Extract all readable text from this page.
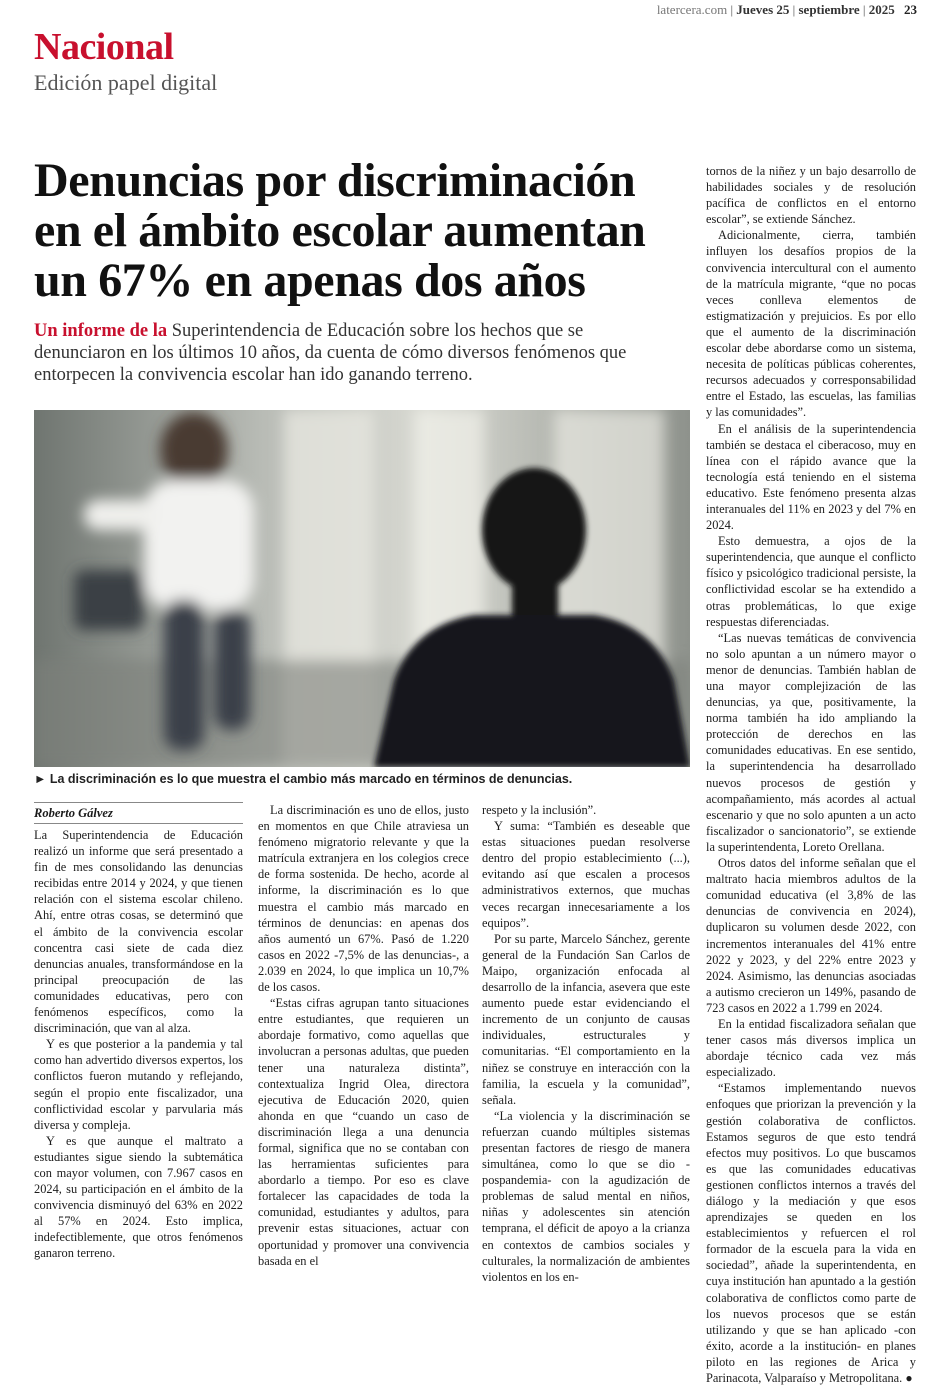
latercera.com | Jueves 25 | septiembre | 2025 23
Nacional
Edición papel digital
Denuncias por discriminación en el ámbito escolar aumentan un 67% en apenas dos años
Un informe de la Superintendencia de Educación sobre los hechos que se denunciaron en los últimos 10 años, da cuenta de cómo diversos fenómenos que entorpecen la convivencia escolar han ido ganando terreno.
► La discriminación es lo que muestra el cambio más marcado en términos de denuncias.
Roberto Gálvez

La Superintendencia de Educación realizó un informe que será presentado a fin de mes consolidando las denuncias recibidas entre 2014 y 2024, y que tienen relación con el sistema escolar chileno. Ahí, entre otras cosas, se determinó que el ámbito de la convivencia escolar concentra casi siete de cada diez denuncias anuales, transformándose en la principal preocupación de las comunidades educativas, pero con fenómenos específicos, como la discriminación, que van al alza.

Y es que posterior a la pandemia y tal como han advertido diversos expertos, los conflictos fueron mutando y reflejando, según el propio ente fiscalizador, una conflictividad escolar y parvularia más diversa y compleja.

Y es que aunque el maltrato a estudiantes sigue siendo la subtemática con mayor volumen, con 7.967 casos en 2024, su participación en el ámbito de la convivencia disminuyó del 63% en 2022 al 57% en 2024. Esto implica, indefectiblemente, que otros fenómenos ganaron terreno.

La discriminación es uno de ellos, justo en momentos en que Chile atraviesa un fenómeno migratorio relevante y que la matrícula extranjera en los colegios crece de forma sostenida. De hecho, acorde al informe, la discriminación es lo que muestra el cambio más marcado en términos de denuncias: en apenas dos años aumentó un 67%. Pasó de 1.220 casos en 2022 -7,5% de las denuncias-, a 2.039 en 2024, lo que implica un 10,7% de los casos.

“Estas cifras agrupan tanto situaciones entre estudiantes, que requieren un abordaje formativo, como aquellas que involucran a personas adultas, que pueden tener una naturaleza distinta”, contextualiza Ingrid Olea, directora ejecutiva de Educación 2020, quien ahonda en que “cuando un caso de discriminación llega a una denuncia formal, significa que no se contaban con las herramientas suficientes para abordarlo a tiempo. Por eso es clave fortalecer las capacidades de toda la comunidad, estudiantes y adultos, para prevenir estas situaciones, actuar con oportunidad y promover una convivencia basada en el

respeto y la inclusión”.

Y suma: “También es deseable que estas situaciones puedan resolverse dentro del propio establecimiento (...), evitando así que escalen a procesos administrativos externos, que muchas veces recargan innecesariamente a los equipos”.

Por su parte, Marcelo Sánchez, gerente general de la Fundación San Carlos de Maipo, organización enfocada al desarrollo de la infancia, asevera que este aumento puede estar evidenciando el incremento de un conjunto de causas individuales, estructurales y comunitarias. “El comportamiento en la niñez se construye en interacción con la familia, la escuela y la comunidad”, señala.

“La violencia y la discriminación se refuerzan cuando múltiples sistemas presentan factores de riesgo de manera simultánea, como lo que se dio -pospandemia- con la agudización de problemas de salud mental en niños, niñas y adolescentes sin atención temprana, el déficit de apoyo a la crianza en contextos de cambios sociales y culturales, la normalización de ambientes violentos en los en-

tornos de la niñez y un bajo desarrollo de habilidades sociales y de resolución pacífica de conflictos en el entorno escolar”, se extiende Sánchez.

Adicionalmente, cierra, también influyen los desafíos propios de la convivencia intercultural con el aumento de la matrícula migrante, “que no pocas veces conlleva elementos de estigmatización y prejuicios. Es por ello que el aumento de la discriminación escolar debe abordarse como un sistema, necesita de políticas públicas coherentes, recursos adecuados y corresponsabilidad entre el Estado, las escuelas, las familias y las comunidades”.

En el análisis de la superintendencia también se destaca el ciberacoso, muy en línea con el rápido avance que la tecnología está teniendo en el sistema educativo. Este fenómeno presenta alzas interanuales del 11% en 2023 y del 7% en 2024.

Esto demuestra, a ojos de la superintendencia, que aunque el conflicto físico y psicológico tradicional persiste, la conflictividad escolar se ha extendido a otras problemáticas, lo que exige respuestas diferenciadas.

“Las nuevas temáticas de convivencia no solo apuntan a un número mayor o menor de denuncias. También hablan de una mayor complejización de las denuncias, ya que, positivamente, la norma también ha ido ampliando la protección de derechos en las comunidades educativas. En ese sentido, la superintendencia ha desarrollado nuevos procesos de gestión y acompañamiento, más acordes al actual escenario y que no solo apunten a un acto fiscalizador o sancionatorio”, se extiende la superintendenta, Loreto Orellana.

Otros datos del informe señalan que el maltrato hacia miembros adultos de la comunidad educativa (el 3,8% de las denuncias de convivencia en 2024), duplicaron su volumen desde 2022, con incrementos interanuales del 41% entre 2022 y 2023, y del 22% entre 2023 y 2024. Asimismo, las denuncias asociadas a autismo crecieron un 149%, pasando de 723 casos en 2022 a 1.799 en 2024.

En la entidad fiscalizadora señalan que tener casos más diversos implica un abordaje técnico cada vez más especializado.

“Estamos implementando nuevos enfoques que priorizan la prevención y la gestión colaborativa de conflictos. Estamos seguros de que esto tendrá efectos muy positivos. Lo que buscamos es que las comunidades educativas gestionen conflictos internos a través del diálogo y la mediación y que esos aprendizajes se queden en los establecimientos y refuercen el rol formador de la escuela para la vida en sociedad”, añade la superintendenta, en cuya institución han apuntado a la gestión colaborativa de conflictos como parte de los nuevos procesos que se están utilizando y que se han aplicado -con éxito, acorde a la institución- en planes piloto en las regiones de Arica y Parinacota, Valparaíso y Metropolitana. ●
